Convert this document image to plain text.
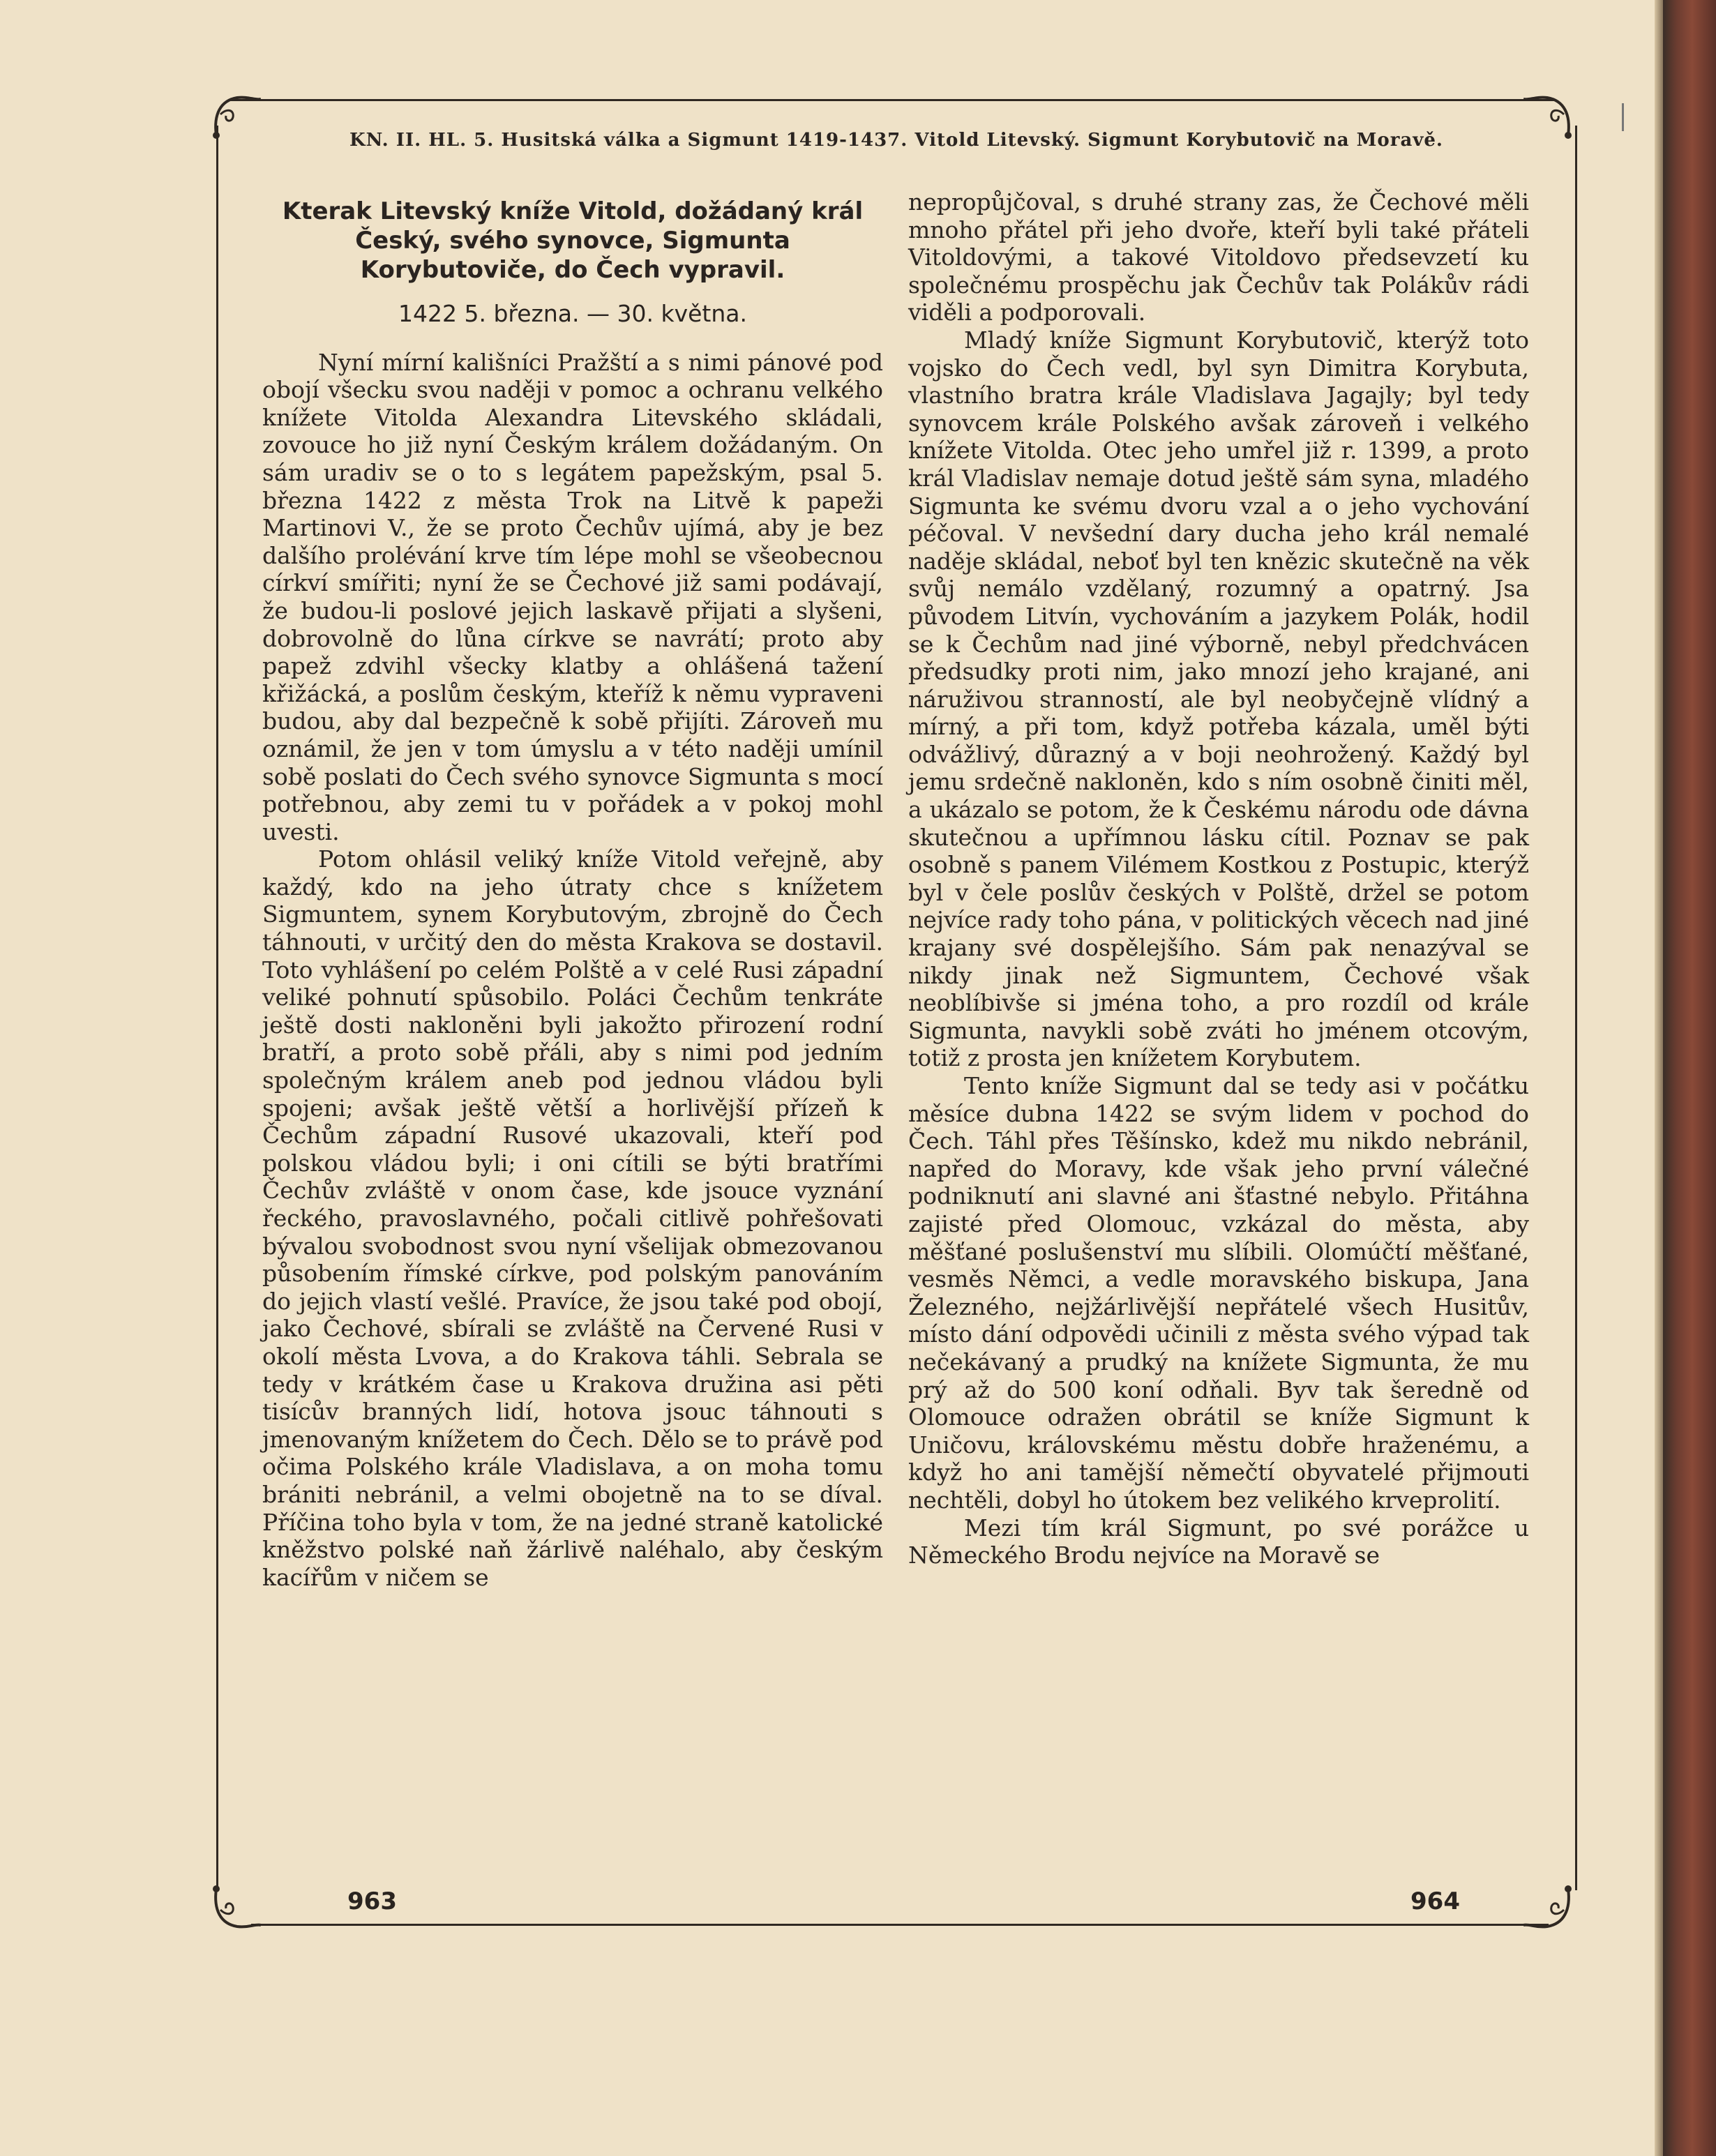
KN. II. HL. 5. Husitská válka a Sigmunt 1419-1437. Vitold Litevský. Sigmunt Korybutovič na Moravě.
Kterak Litevský kníže Vitold, dožádaný král Český, svého synovce, Sigmunta Korybutoviče, do Čech vypravil.
1422 5. března. — 30. května.

Nyní mírní kališníci Pražští a s nimi pánové pod obojí všecku svou naději v pomoc a ochranu velkého knížete Vitolda Alexandra Litevského skládali, zovouce ho již nyní Českým králem dožádaným. On sám uradiv se o to s legátem papežským, psal 5. března 1422 z města Trok na Litvě k papeži Martinovi V., že se proto Čechův ujímá, aby je bez dalšího prolévání krve tím lépe mohl se všeobecnou církví smířiti; nyní že se Čechové již sami podávají, že budou-li poslové jejich laskavě přijati a slyšeni, dobrovolně do lůna církve se navrátí; proto aby papež zdvihl všecky klatby a ohlášená tažení křižácká, a poslům českým, kteříž k němu vypraveni budou, aby dal bezpečně k sobě přijíti. Zároveň mu oznámil, že jen v tom úmyslu a v této naději umínil sobě poslati do Čech svého synovce Sigmunta s mocí potřebnou, aby zemi tu v pořádek a v pokoj mohl uvesti.

Potom ohlásil veliký kníže Vitold veřejně, aby každý, kdo na jeho útraty chce s knížetem Sigmuntem, synem Korybutovým, zbrojně do Čech táhnouti, v určitý den do města Krakova se dostavil. Toto vyhlášení po celém Polště a v celé Rusi západní veliké pohnutí spůsobilo. Poláci Čechům tenkráte ještě dosti nakloněni byli jakožto přirození rodní bratří, a proto sobě přáli, aby s nimi pod jedním společným králem aneb pod jednou vládou byli spojeni; avšak ještě větší a horlivější přízeň k Čechům západní Rusové ukazovali, kteří pod polskou vládou byli; i oni cítili se býti bratřími Čechův zvláště v onom čase, kde jsouce vyznání řeckého, pravoslavného, počali citlivě pohřešovati bývalou svobodnost svou nyní všelijak obmezovanou působením římské církve, pod polským panováním do jejich vlastí vešlé. Pravíce, že jsou také pod obojí, jako Čechové, sbírali se zvláště na Červené Rusi v okolí města Lvova, a do Krakova táhli. Sebrala se tedy v krátkém čase u Krakova družina asi pěti tisícův branných lidí, hotova jsouc táhnouti s jmenovaným knížetem do Čech. Dělo se to právě pod očima Polského krále Vladislava, a on moha tomu brániti nebránil, a velmi obojetně na to se díval. Příčina toho byla v tom, že na jedné straně katolické kněžstvo polské naň žárlivě naléhalo, aby českým kacířům v ničem se

nepropůjčoval, s druhé strany zas, že Čechové měli mnoho přátel při jeho dvoře, kteří byli také přáteli Vitoldovými, a takové Vitoldovo předsevzetí ku společnému prospěchu jak Čechův tak Polákův rádi viděli a podporovali.

Mladý kníže Sigmunt Korybutovič, kterýž toto vojsko do Čech vedl, byl syn Dimitra Korybuta, vlastního bratra krále Vladislava Jagajly; byl tedy synovcem krále Polského avšak zároveň i velkého knížete Vitolda. Otec jeho umřel již r. 1399, a proto král Vladislav nemaje dotud ještě sám syna, mladého Sigmunta ke svému dvoru vzal a o jeho vychování péčoval. V nevšední dary ducha jeho král nemalé naděje skládal, neboť byl ten knězic skutečně na věk svůj nemálo vzdělaný, rozumný a opatrný. Jsa původem Litvín, vychováním a jazykem Polák, hodil se k Čechům nad jiné výborně, nebyl předchvácen předsudky proti nim, jako mnozí jeho krajané, ani náruživou stranností, ale byl neobyčejně vlídný a mírný, a při tom, když potřeba kázala, uměl býti odvážlivý, důrazný a v boji neohrožený. Každý byl jemu srdečně nakloněn, kdo s ním osobně činiti měl, a ukázalo se potom, že k Českému národu ode dávna skutečnou a upřímnou lásku cítil. Poznav se pak osobně s panem Vilémem Kostkou z Postupic, kterýž byl v čele poslův českých v Polště, držel se potom nejvíce rady toho pána, v politických věcech nad jiné krajany své dospělejšího. Sám pak nenazýval se nikdy jinak než Sigmuntem, Čechové však neoblíbivše si jména toho, a pro rozdíl od krále Sigmunta, navykli sobě zváti ho jménem otcovým, totiž z prosta jen knížetem Korybutem.

Tento kníže Sigmunt dal se tedy asi v počátku měsíce dubna 1422 se svým lidem v pochod do Čech. Táhl přes Těšínsko, kdež mu nikdo nebránil, napřed do Moravy, kde však jeho první válečné podniknutí ani slavné ani šťastné nebylo. Přitáhna zajisté před Olomouc, vzkázal do města, aby měšťané poslušenství mu slíbili. Olomúčtí měšťané, vesměs Němci, a vedle moravského biskupa, Jana Železného, nejžárlivější nepřátelé všech Husitův, místo dání odpovědi učinili z města svého výpad tak nečekávaný a prudký na knížete Sigmunta, že mu prý až do 500 koní odňali. Byv tak šeredně od Olomouce odražen obrátil se kníže Sigmunt k Uničovu, královskému městu dobře hraženému, a když ho ani tamější němečtí obyvatelé přijmouti nechtěli, dobyl ho útokem bez velikého krveprolití.

Mezi tím král Sigmunt, po své porážce u Německého Brodu nejvíce na Moravě se

963	964
